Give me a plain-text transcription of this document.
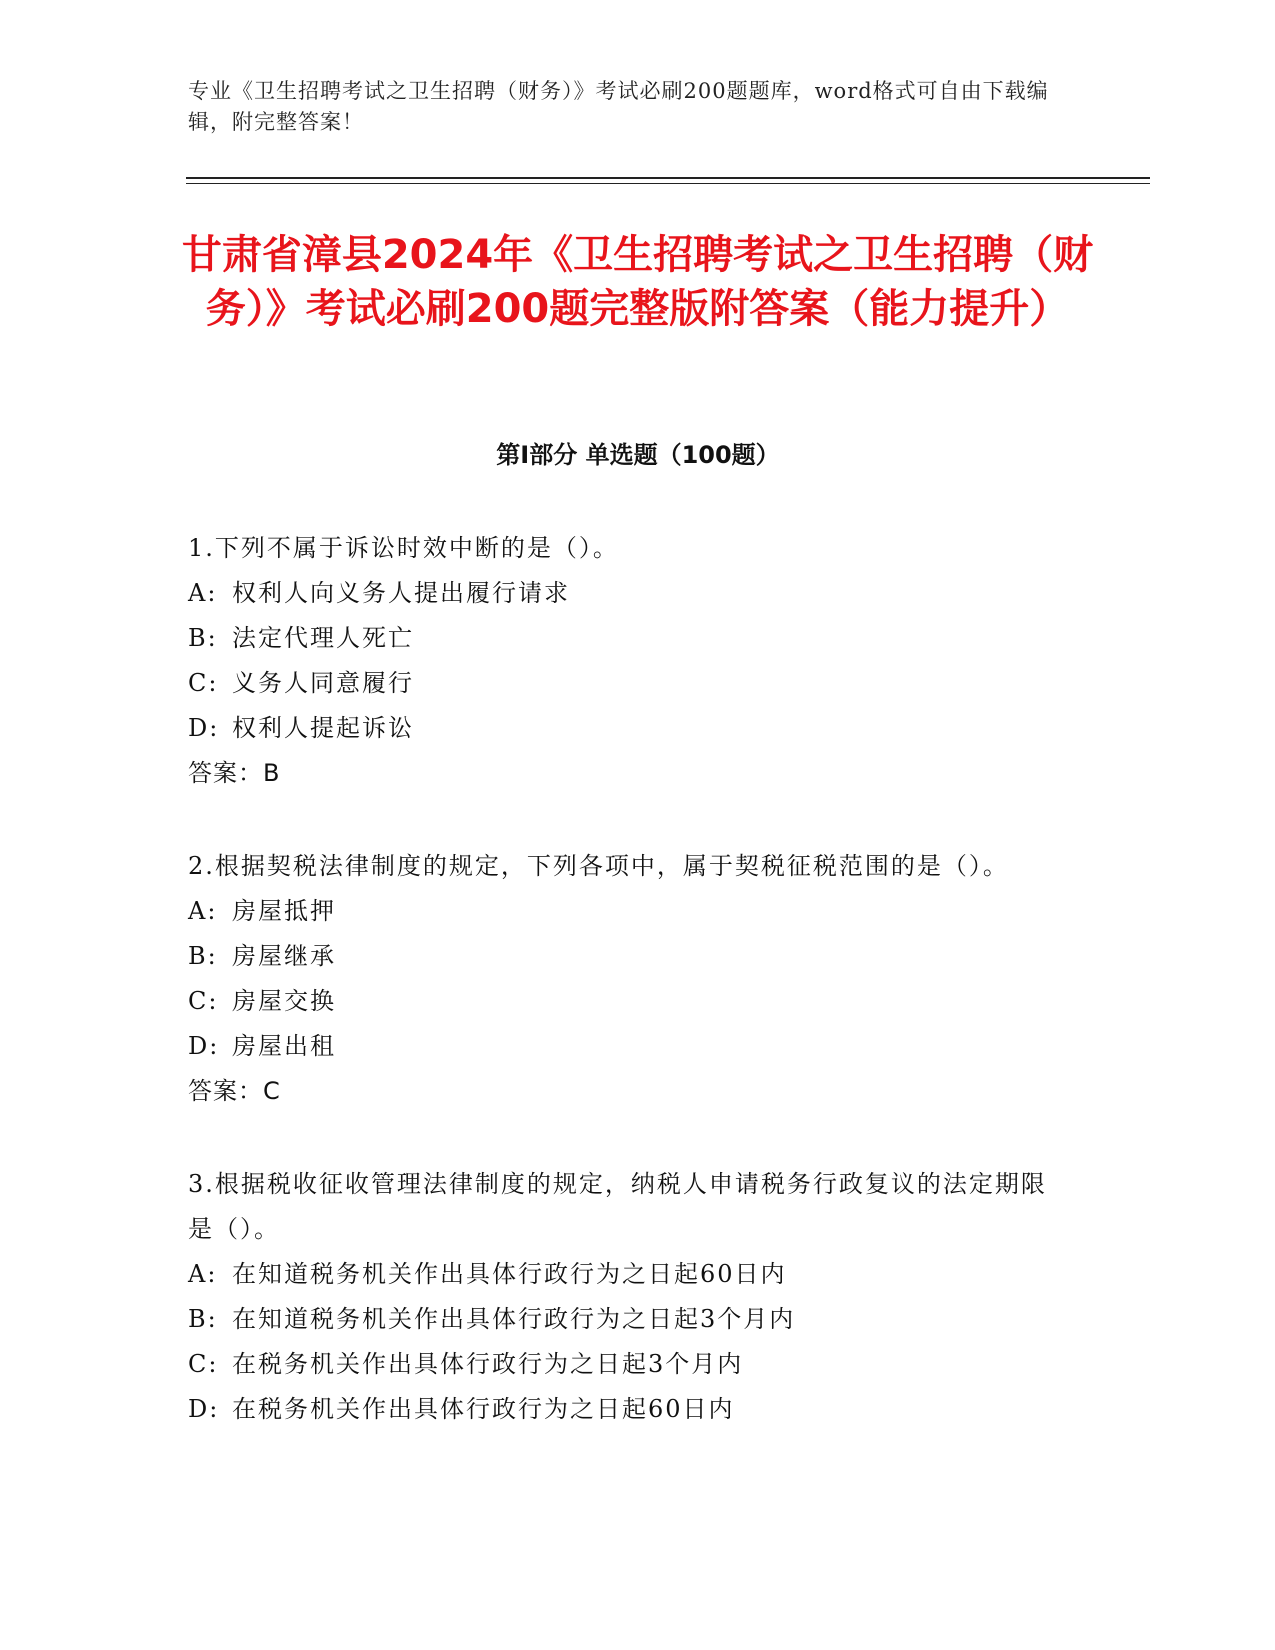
专业《卫生招聘考试之卫生招聘（财务）》考试必刷200题题库，word格式可自由下载编辑，附完整答案！
甘肃省漳县2024年《卫生招聘考试之卫生招聘（财务）》考试必刷200题完整版附答案（能力提升）
第Ⅰ部分 单选题（100题）
1.下列不属于诉讼时效中断的是（）。
A: 权利人向义务人提出履行请求
B: 法定代理人死亡
C: 义务人同意履行
D: 权利人提起诉讼
答案：B
2.根据契税法律制度的规定，下列各项中，属于契税征税范围的是（）。
A: 房屋抵押
B: 房屋继承
C: 房屋交换
D: 房屋出租
答案：C
3.根据税收征收管理法律制度的规定，纳税人申请税务行政复议的法定期限是（）。
A: 在知道税务机关作出具体行政行为之日起60日内
B: 在知道税务机关作出具体行政行为之日起3个月内
C: 在税务机关作出具体行政行为之日起3个月内
D: 在税务机关作出具体行政行为之日起60日内
